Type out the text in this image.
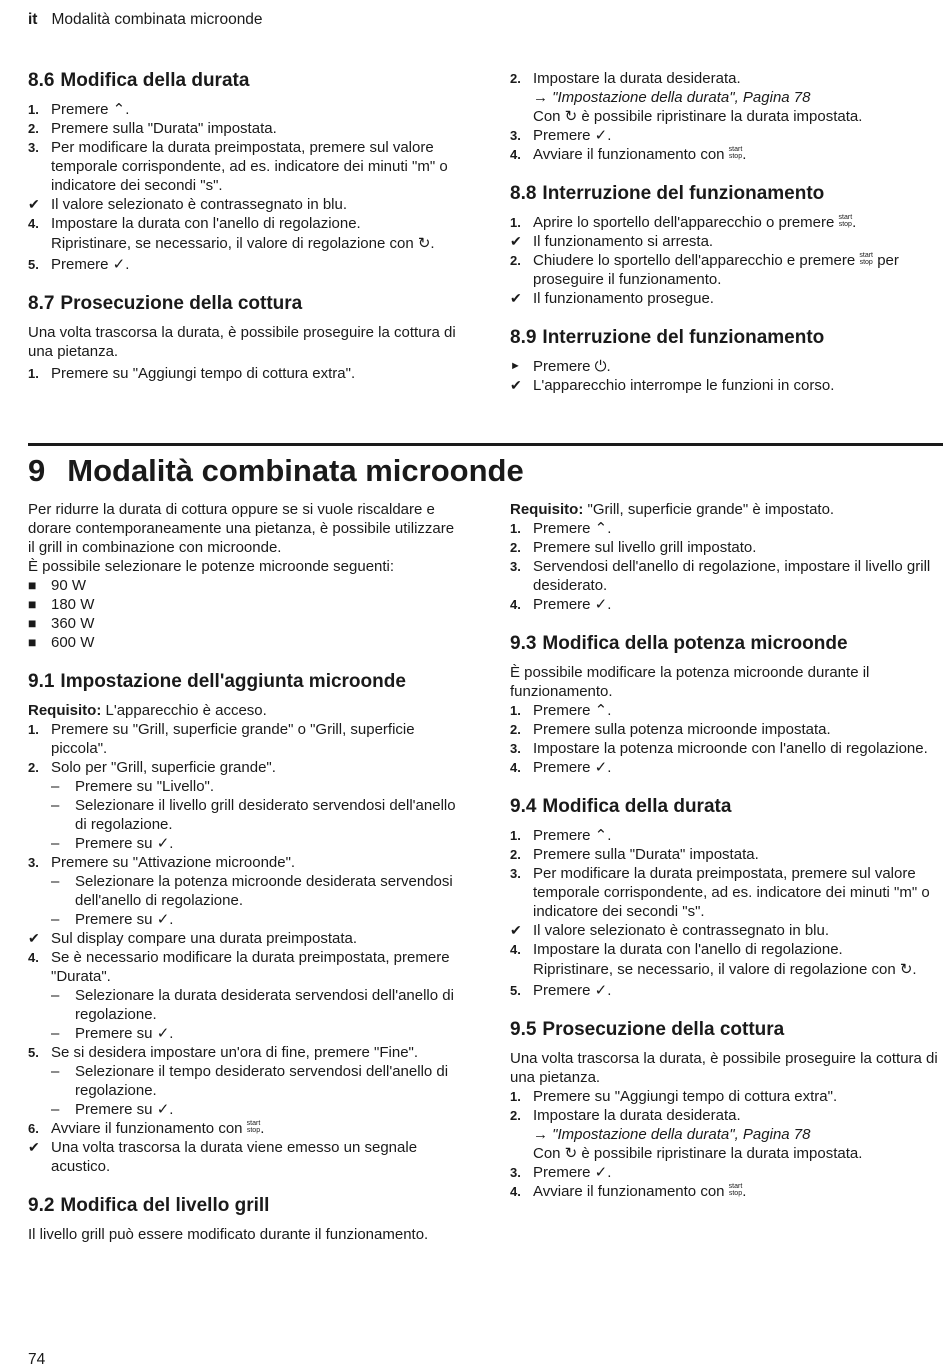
it Modalità combinata microonde
8.6 Modifica della durata
1. Premere ⌃.
2. Premere sulla "Durata" impostata.
3. Per modificare la durata preimpostata, premere sul valore temporale corrispondente, ad es. indicatore dei minuti "m" o indicatore dei secondi "s".
✔ Il valore selezionato è contrassegnato in blu.
4. Impostare la durata con l'anello di regolazione.
Ripristinare, se necessario, il valore di regolazione con ↻.
5. Premere ✓.
8.7 Prosecuzione della cottura

Una volta trascorsa la durata, è possibile proseguire la cottura di una pietanza.

1. Premere su "Aggiungi tempo di cottura extra".
2. Impostare la durata desiderata.
→ "Impostazione della durata", Pagina 78
Con ↻ è possibile ripristinare la durata impostata.
3. Premere ✓.
4. Avviare il funzionamento con start
stop.
8.8 Interruzione del funzionamento
1. Aprire lo sportello dell'apparecchio o premere start
stop.
✔ Il funzionamento si arresta.
2. Chiudere lo sportello dell'apparecchio e premere start
stop per proseguire il funzionamento.
✔ Il funzionamento prosegue.
8.9 Interruzione del funzionamento
► Premere ⏻.
✔ L'apparecchio interrompe le funzioni in corso.
9 Modalità combinata microonde

Per ridurre la durata di cottura oppure se si vuole riscaldare e dorare contemporaneamente una pietanza, è possibile utilizzare il grill in combinazione con microonde.

È possibile selezionare le potenze microonde seguenti:

■ 90 W
■ 180 W
■ 360 W
■ 600 W
9.1 Impostazione dell'aggiunta microonde

Requisito: L'apparecchio è acceso.

1. Premere su "Grill, superficie grande" o "Grill, superficie piccola".
2. Solo per "Grill, superficie grande".
– Premere su "Livello".
– Selezionare il livello grill desiderato servendosi dell'anello di regolazione.
– Premere su ✓.
3. Premere su "Attivazione microonde".
– Selezionare la potenza microonde desiderata servendosi dell'anello di regolazione.
– Premere su ✓.
✔ Sul display compare una durata preimpostata.
4. Se è necessario modificare la durata preimpostata, premere "Durata".
– Selezionare la durata desiderata servendosi dell'anello di regolazione.
– Premere su ✓.
5. Se si desidera impostare un'ora di fine, premere "Fine".
– Selezionare il tempo desiderato servendosi dell'anello di regolazione.
– Premere su ✓.
6. Avviare il funzionamento con start
stop.
✔ Una volta trascorsa la durata viene emesso un segnale acustico.
9.2 Modifica del livello grill

Il livello grill può essere modificato durante il funzionamento.

Requisito: "Grill, superficie grande" è impostato.

1. Premere ⌃.
2. Premere sul livello grill impostato.
3. Servendosi dell'anello di regolazione, impostare il livello grill desiderato.
4. Premere ✓.
9.3 Modifica della potenza microonde

È possibile modificare la potenza microonde durante il funzionamento.

1. Premere ⌃.
2. Premere sulla potenza microonde impostata.
3. Impostare la potenza microonde con l'anello di regolazione.
4. Premere ✓.
9.4 Modifica della durata
1. Premere ⌃.
2. Premere sulla "Durata" impostata.
3. Per modificare la durata preimpostata, premere sul valore temporale corrispondente, ad es. indicatore dei minuti "m" o indicatore dei secondi "s".
✔ Il valore selezionato è contrassegnato in blu.
4. Impostare la durata con l'anello di regolazione.
Ripristinare, se necessario, il valore di regolazione con ↻.
5. Premere ✓.
9.5 Prosecuzione della cottura

Una volta trascorsa la durata, è possibile proseguire la cottura di una pietanza.

1. Premere su "Aggiungi tempo di cottura extra".
2. Impostare la durata desiderata.
→ "Impostazione della durata", Pagina 78
Con ↻ è possibile ripristinare la durata impostata.
3. Premere ✓.
4. Avviare il funzionamento con start
stop.
74
